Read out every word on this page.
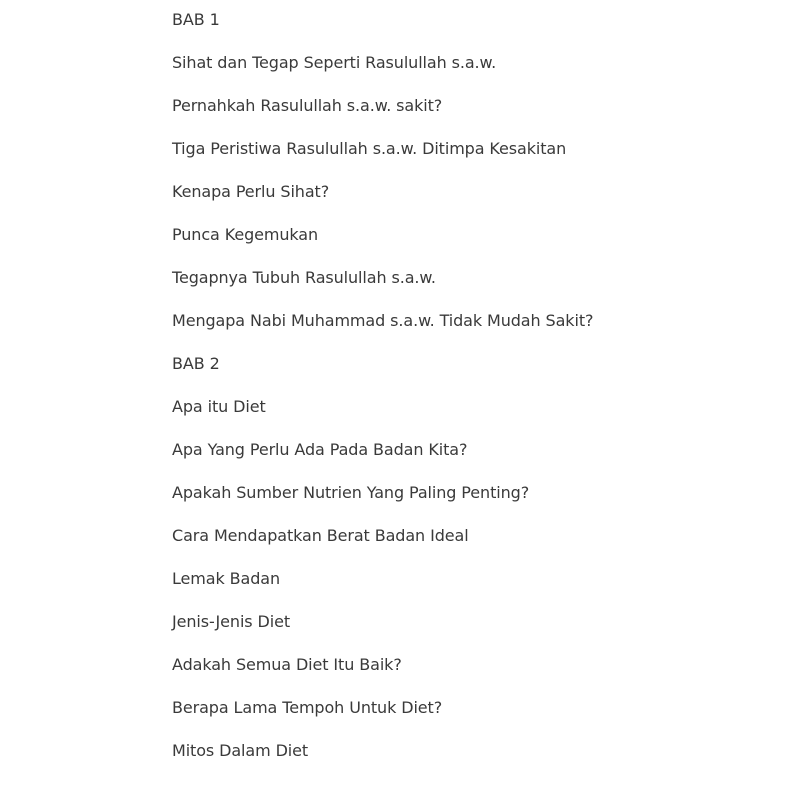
BAB 1
Sihat dan Tegap Seperti Rasulullah s.a.w.
Pernahkah Rasulullah s.a.w. sakit?
Tiga Peristiwa Rasulullah s.a.w. Ditimpa Kesakitan
Kenapa Perlu Sihat?
Punca Kegemukan
Tegapnya Tubuh Rasulullah s.a.w.
Mengapa Nabi Muhammad s.a.w. Tidak Mudah Sakit?
BAB 2
Apa itu Diet
Apa Yang Perlu Ada Pada Badan Kita?
Apakah Sumber Nutrien Yang Paling Penting?
Cara Mendapatkan Berat Badan Ideal
Lemak Badan
Jenis-Jenis Diet
Adakah Semua Diet Itu Baik?
Berapa Lama Tempoh Untuk Diet?
Mitos Dalam Diet
